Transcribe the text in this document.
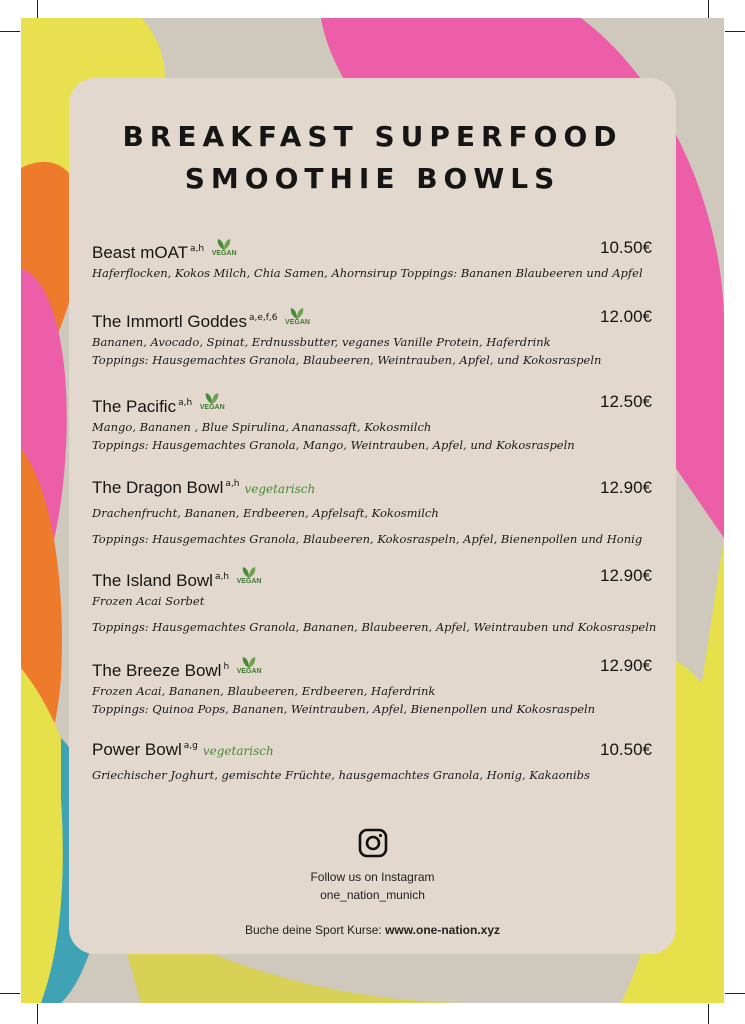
BREAKFAST SUPERFOOD
SMOOTHIE BOWLS
Beast mOAT $^{a,h}$	VEGAN	10.50€
Haferflocken, Kokos Milch, Chia Samen, Ahornsirup Toppings: Bananen Blaubeeren und Apfel
The Immortl Goddes $^{a,e,f,6}$	VEGAN	12.00€
Bananen, Avocado, Spinat, Erdnussbutter, veganes Vanille Protein, Haferdrink
Toppings: Hausgemachtes Granola, Blaubeeren, Weintrauben, Apfel, und Kokosraspeln
The Pacific $^{a,h}$	VEGAN	12.50€
Mango, Bananen , Blue Spirulina, Ananassaft, Kokosmilch
Toppings: Hausgemachtes Granola, Mango, Weintrauben, Apfel, und Kokosraspeln
The Dragon Bowl $^{a,h}$ vegetarisch	12.90€
Drachenfrucht, Bananen, Erdbeeren, Apfelsaft, Kokosmilch
Toppings: Hausgemachtes Granola, Blaubeeren, Kokosraspeln, Apfel, Bienenpollen und Honig
The Island Bowl $^{a,h}$	VEGAN	12.90€
Frozen Acai Sorbet
Toppings: Hausgemachtes Granola, Bananen, Blaubeeren, Apfel, Weintrauben und Kokosraspeln
The Breeze Bowl $^h$	VEGAN	12.90€
Frozen Acai, Bananen, Blaubeeren, Erdbeeren, Haferdrink
Toppings: Quinoa Pops, Bananen, Weintrauben, Apfel, Bienenpollen und Kokosraspeln
Power Bowl $^{a,g}$ vegetarisch	10.50€
Griechischer Joghurt, gemischte Früchte, hausgemachtes Granola, Honig, Kakaonibs
Follow us on Instagram
one_nation_munich
Buche deine Sport Kurse: www.one-nation.xyz
